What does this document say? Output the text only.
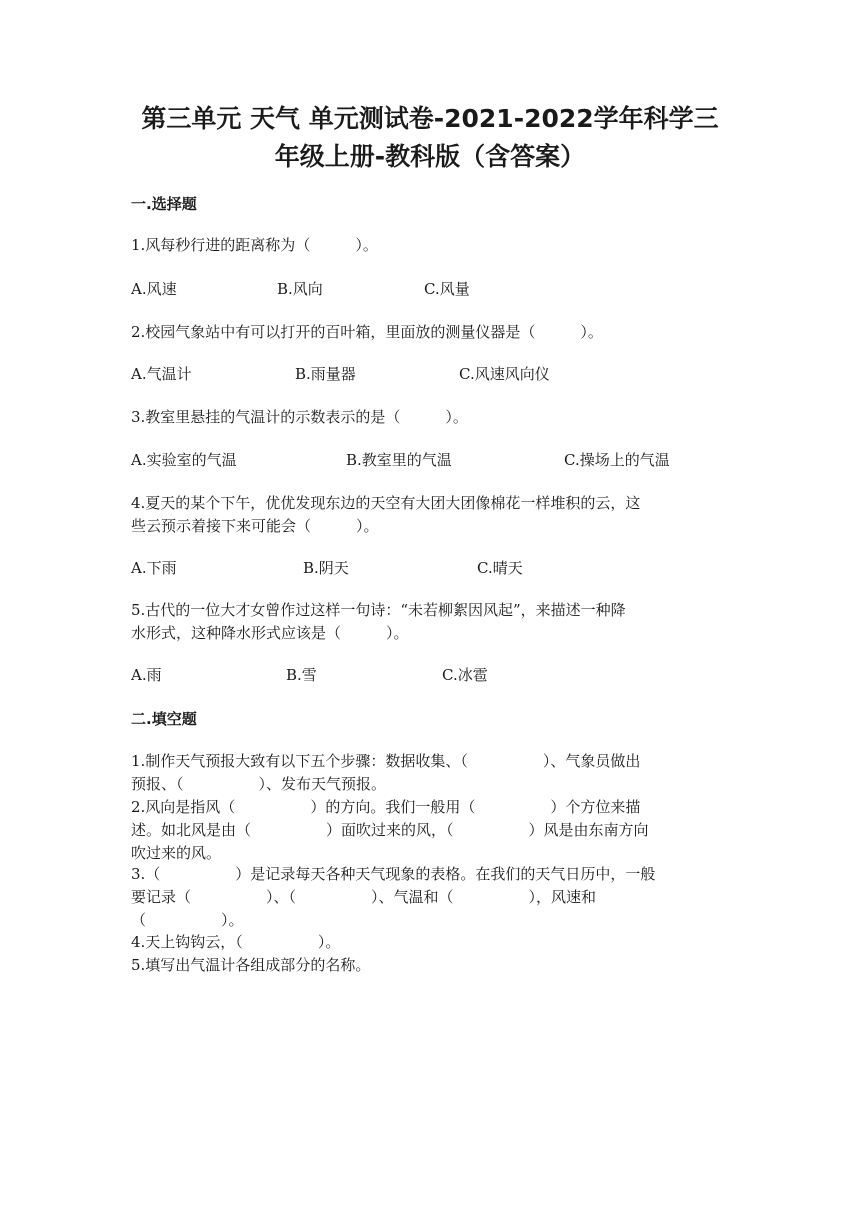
第三单元 天气 单元测试卷-2021-2022学年科学三
年级上册-教科版（含答案）
一.选择题
1.风每秒行进的距离称为（　　　）。
A.风速	B.风向	C.风量
2.校园气象站中有可以打开的百叶箱，里面放的测量仪器是（　　　）。
A.气温计	B.雨量器	C.风速风向仪
3.教室里悬挂的气温计的示数表示的是（　　　）。
A.实验室的气温	B.教室里的气温	C.操场上的气温
4.夏天的某个下午，优优发现东边的天空有大团大团像棉花一样堆积的云，这
些云预示着接下来可能会（　　　）。
A.下雨	B.阴天	C.晴天
5.古代的一位大才女曾作过这样一句诗：“未若柳絮因风起”，来描述一种降
水形式，这种降水形式应该是（　　　）。
A.雨	B.雪	C.冰雹
二.填空题
1.制作天气预报大致有以下五个步骤：数据收集、（　　　　　）、气象员做出
预报、（　　　　　）、发布天气预报。
2.风向是指风（　　　　　）的方向。我们一般用（　　　　　）个方位来描
述。如北风是由（　　　　　）面吹过来的风，（　　　　　）风是由东南方向
吹过来的风。
3.（　　　　　）是记录每天各种天气现象的表格。在我们的天气日历中，一般
要记录（　　　　　）、（　　　　　）、气温和（　　　　　），风速和
（　　　　　）。
4.天上钩钩云，（　　　　　）。
5.填写出气温计各组成部分的名称。
